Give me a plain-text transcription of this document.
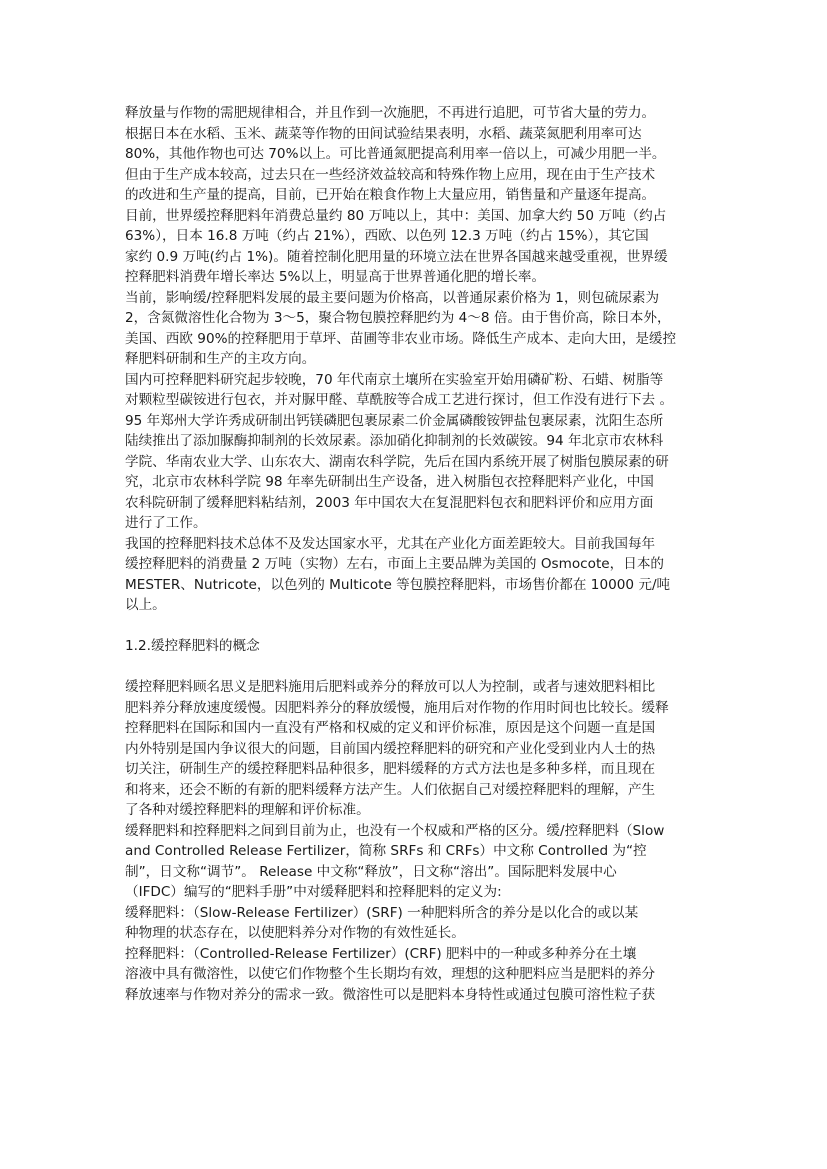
释放量与作物的需肥规律相合，并且作到一次施肥，不再进行追肥，可节省大量的劳力。
根据日本在水稻、玉米、蔬菜等作物的田间试验结果表明，水稻、蔬菜氮肥利用率可达
80%，其他作物也可达 70%以上。可比普通氮肥提高利用率一倍以上，可减少用肥一半。
但由于生产成本较高，过去只在一些经济效益较高和特殊作物上应用，现在由于生产技术
的改进和生产量的提高，目前，已开始在粮食作物上大量应用，销售量和产量逐年提高。
目前，世界缓控释肥料年消费总量约 80 万吨以上，其中：美国、加拿大约 50 万吨（约占
63%），日本 16.8 万吨（约占 21%），西欧、以色列 12.3 万吨（约占 15%），其它国
家约 0.9 万吨(约占 1%)。随着控制化肥用量的环境立法在世界各国越来越受重视，世界缓
控释肥料消费年增长率达 5%以上，明显高于世界普通化肥的增长率。
当前，影响缓/控释肥料发展的最主要问题为价格高，以普通尿素价格为 1，则包硫尿素为
2，含氮微溶性化合物为 3～5，聚合物包膜控释肥约为 4～8 倍。由于售价高，除日本外，
美国、西欧 90%的控释肥用于草坪、苗圃等非农业市场。降低生产成本、走向大田，是缓控
释肥料研制和生产的主攻方向。
国内可控释肥料研究起步较晚，70 年代南京土壤所在实验室开始用磷矿粉、石蜡、树脂等
对颗粒型碳铵进行包衣，并对脲甲醛、草酰胺等合成工艺进行探讨，但工作没有进行下去 。
95 年郑州大学许秀成研制出钙镁磷肥包裹尿素二价金属磷酸铵钾盐包裹尿素，沈阳生态所
陆续推出了添加脲酶抑制剂的长效尿素。添加硝化抑制剂的长效碳铵。94 年北京市农林科
学院、华南农业大学、山东农大、湖南农科学院，先后在国内系统开展了树脂包膜尿素的研
究，北京市农林科学院 98 年率先研制出生产设备，进入树脂包衣控释肥料产业化，中国
农科院研制了缓释肥料粘结剂，2003 年中国农大在复混肥料包衣和肥料评价和应用方面
进行了工作。
我国的控释肥料技术总体不及发达国家水平，尤其在产业化方面差距较大。目前我国每年
缓控释肥料的消费量 2 万吨（实物）左右，市面上主要品牌为美国的 Osmocote，日本的
MESTER、Nutricote，以色列的 Multicote 等包膜控释肥料，市场售价都在 10000 元/吨
以上。
1.2.缓控释肥料的概念
缓控释肥料顾名思义是肥料施用后肥料或养分的释放可以人为控制，或者与速效肥料相比
肥料养分释放速度缓慢。因肥料养分的释放缓慢，施用后对作物的作用时间也比较长。缓释
控释肥料在国际和国内一直没有严格和权威的定义和评价标准，原因是这个问题一直是国
内外特别是国内争议很大的问题，目前国内缓控释肥料的研究和产业化受到业内人士的热
切关注，研制生产的缓控释肥料品种很多，肥料缓释的方式方法也是多种多样，而且现在
和将来，还会不断的有新的肥料缓释方法产生。人们依据自己对缓控释肥料的理解，产生
了各种对缓控释肥料的理解和评价标准。
缓释肥料和控释肥料之间到目前为止，也没有一个权威和严格的区分。缓/控释肥料（Slow
and Controlled Release Fertilizer，简称 SRFs 和 CRFs）中文称 Controlled 为“控
制”，日文称“调节”。 Release 中文称“释放”，日文称“溶出”。国际肥料发展中心
（IFDC）编写的“肥料手册”中对缓释肥料和控释肥料的定义为:
缓释肥料：（Slow-Release Fertilizer）(SRF) 一种肥料所含的养分是以化合的或以某
种物理的状态存在，以使肥料养分对作物的有效性延长。
控释肥料：（Controlled-Release Fertilizer）(CRF) 肥料中的一种或多种养分在土壤
溶液中具有微溶性，以使它们作物整个生长期均有效，理想的这种肥料应当是肥料的养分
释放速率与作物对养分的需求一致。微溶性可以是肥料本身特性或通过包膜可溶性粒子获
